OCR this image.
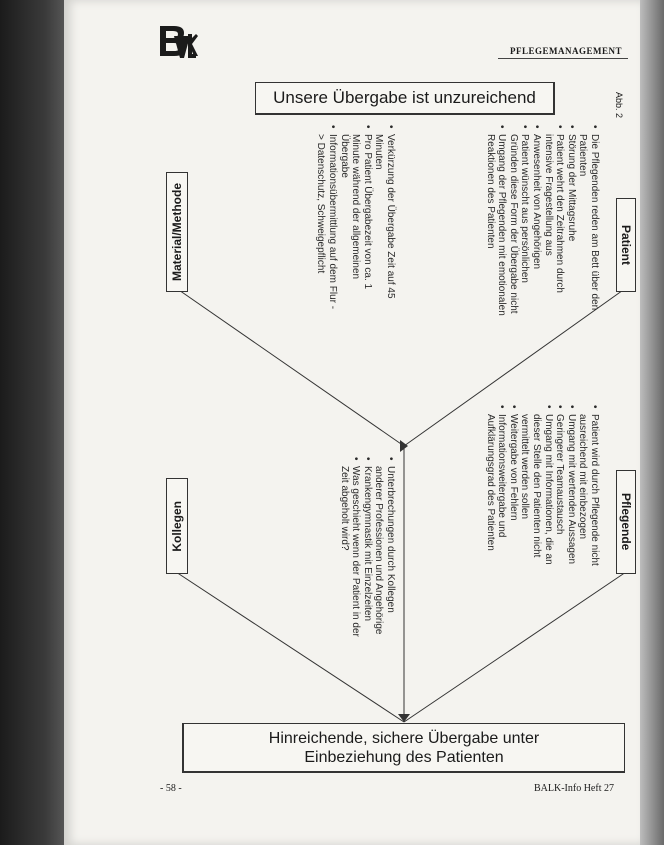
PFLEGEMANAGEMENT
Abb. 2
Unsere Übergabe ist unzureichend
Patient
Material/Methode
Pflegende
Kollegen
• Die Pflegenden reden am Bett über den Patienten
• Störung der Mittagsruhe
• Patient wehrt den Zeitrahmen durch intensive Fragestellung aus
• Anwesenheit von Angehörigen
• Patient wünscht aus persönlichen Gründen diese Form der Übergabe nicht
• Umgang der Pflegenden mit emotionalen Reaktionen des Patienten
• Verkürzung der Übergabe Zeit auf 45 Minuten
• Pro Patient Übergabezeit von ca. 1 Minute während der allgemeinen Übergabe
• Informationsübermittlung auf dem Flur -> Datenschutz, Schweigepflicht
• Patient wird durch Pflegende nicht ausreichend mit einbezogen
• Umgang mit wertenden Aussagen
• Geringerer Teamaustausch
• Umgang mit Informationen, die an dieser Stelle den Patienten nicht vermittelt werden sollen
• Weitergabe von Fehlern
• Informationsweitergabe und Aufklärungsgrad des Patienten
• Unterbrechungen durch Kollegen anderer Professionen und Angehörige
• Krankengymnastik mit Einzelzeiten
• Was geschieht wenn der Patient in der Zeit abgeholt wird?
Hinreichende, sichere Übergabe unter
Einbeziehung des Patienten
- 58 -	BALK-Info Heft 27
